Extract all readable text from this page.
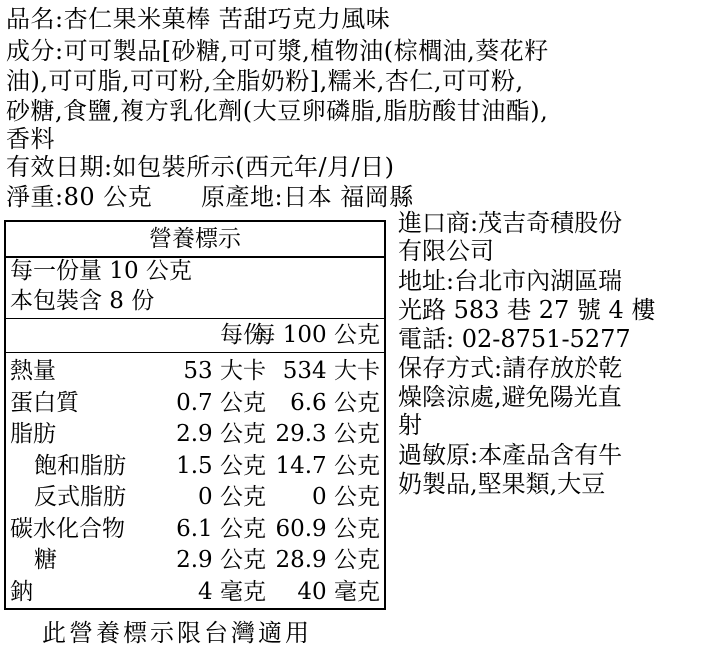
品名:杏仁果米菓棒 苦甜巧克力風味
成分:可可製品[砂糖,可可漿,植物油(棕櫚油,葵花籽
油),可可脂,可可粉,全脂奶粉],糯米,杏仁,可可粉,
砂糖,食鹽,複方乳化劑(大豆卵磷脂,脂肪酸甘油酯),
香料
有效日期:如包裝所示(西元年/月/日)
淨重:80 公克      原產地:日本 福岡縣
營養標示
每一份量 10 公克
本包裝含 8 份
每份
每 100 公克
熱量	53 大卡 534 大卡
蛋白質	0.7 公克 6.6 公克
脂肪	2.9 公克 29.3 公克
飽和脂肪 1.5 公克 14.7 公克
反式脂肪	0 公克 0 公克
碳水化合物 6.1 公克 60.9 公克
糖	2.9 公克 28.9 公克
鈉	4 毫克 40 毫克
進口商:茂吉奇積股份
有限公司
地址:台北市內湖區瑞
光路 583 巷 27 號 4 樓
電話: 02-8751-5277
保存方式:請存放於乾
燥陰涼處,避免陽光直
射
過敏原:本產品含有牛
奶製品,堅果類,大豆
此營養標示限台灣適用
